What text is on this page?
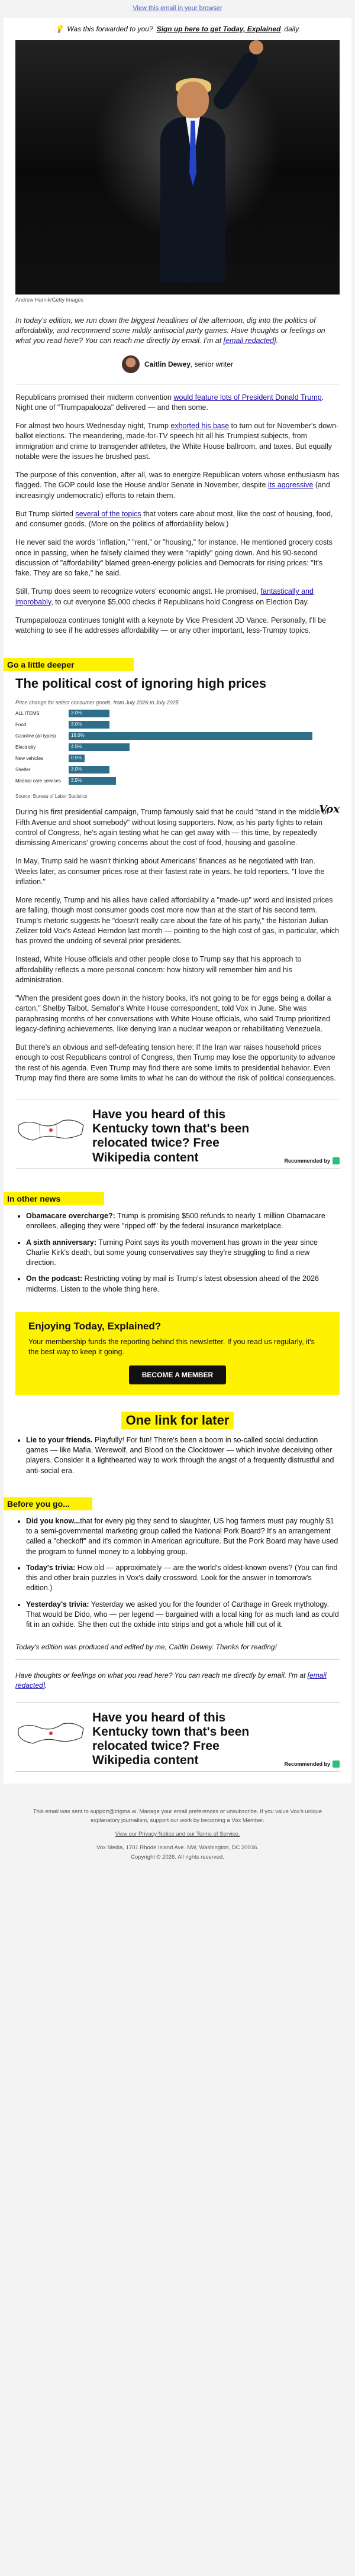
View this email in your browser
💡 Was this forwarded to you? Sign up here to get Today, Explained daily.
Andrew Harnik/Getty Images

In today's edition, we run down the biggest headlines of the afternoon, dig into the politics of affordability, and recommend some mildly antisocial party games. Have thoughts or feelings on what you read here? You can reach me directly by email. I'm at [email redacted].

Caitlin Dewey, senior writer

Republicans promised their midterm convention would feature lots of President Donald Trump. Night one of "Trumpapalooza" delivered — and then some.

For almost two hours Wednesday night, Trump exhorted his base to turn out for November's down-ballot elections. The meandering, made-for-TV speech hit all his Trumpiest subjects, from immigration and crime to transgender athletes, the White House ballroom, and taxes. But equally notable were the issues he brushed past.

The purpose of this convention, after all, was to energize Republican voters whose enthusiasm has flagged. The GOP could lose the House and/or Senate in November, despite its aggressive (and increasingly undemocratic) efforts to retain them.

But Trump skirted several of the topics that voters care about most, like the cost of housing, food, and consumer goods. (More on the politics of affordability below.)

He never said the words "inflation," "rent," or "housing," for instance. He mentioned grocery costs once in passing, when he falsely claimed they were "rapidly" going down. And his 90-second discussion of "affordability" blamed green-energy policies and Democrats for rising prices: "It's fake. They are so fake," he said.

Still, Trump does seem to recognize voters' economic angst. He promised, fantastically and improbably, to cut everyone $5,000 checks if Republicans hold Congress on Election Day.

Trumpapalooza continues tonight with a keynote by Vice President JD Vance. Personally, I'll be watching to see if he addresses affordability — or any other important, less-Trumpy topics.

Go a little deeper
The political cost of ignoring high prices
Price change for select consumer goods, from July 2026 to July 2025
ALL ITEMS	3.0%
Food	3.0%
Gasoline (all types)	18.0%
Electricity	4.5%
New vehicles	0.5%
Shelter	3.0%
Medical care services	3.5%
Source: Bureau of Labor Statistics
Vox

During his first presidential campaign, Trump famously said that he could "stand in the middle of Fifth Avenue and shoot somebody" without losing supporters. Now, as his party fights to retain control of Congress, he's again testing what he can get away with — this time, by repeatedly dismissing Americans' growing concerns about the cost of food, housing and gasoline.

In May, Trump said he wasn't thinking about Americans' finances as he negotiated with Iran. Weeks later, as consumer prices rose at their fastest rate in years, he told reporters, "I love the inflation."

More recently, Trump and his allies have called affordability a "made-up" word and insisted prices are falling, though most consumer goods cost more now than at the start of his second term. Trump's rhetoric suggests he "doesn't really care about the fate of his party," the historian Julian Zelizer told Vox's Astead Herndon last month — pointing to the high cost of gas, in particular, which has proved the undoing of several prior presidents.

Instead, White House officials and other people close to Trump say that his approach to affordability reflects a more personal concern: how history will remember him and his administration.

"When the president goes down in the history books, it's not going to be for eggs being a dollar a carton," Shelby Talbot, Semafor's White House correspondent, told Vox in June. She was paraphrasing months of her conversations with White House officials, who said Trump prioritized legacy-defining achievements, like denying Iran a nuclear weapon or rehabilitating Venezuela.

But there's an obvious and self-defeating tension here: If the Iran war raises household prices enough to cost Republicans control of Congress, then Trump may lose the opportunity to advance the rest of his agenda. Even Trump may find there are some limits to presidential behavior. Even Trump may find there are some limits to what he can do without the risk of political consequences.

Have you heard of this Kentucky town that's been relocated twice? Free Wikipedia content	Recommended by
In other news
• Obamacare overcharge?: Trump is promising $500 refunds to nearly 1 million Obamacare enrollees, alleging they were "ripped off" by the federal insurance marketplace.
• A sixth anniversary: Turning Point says its youth movement has grown in the year since Charlie Kirk's death, but some young conservatives say they're struggling to find a new direction.
• On the podcast: Restricting voting by mail is Trump's latest obsession ahead of the 2026 midterms. Listen to the whole thing here.
Enjoying Today, Explained?

Your membership funds the reporting behind this newsletter. If you read us regularly, it's the best way to keep it going.

BECOME A MEMBER
One link for later
• Lie to your friends. Playfully! For fun! There's been a boom in so-called social deduction games — like Mafia, Werewolf, and Blood on the Clocktower — which involve deceiving other players. Consider it a lighthearted way to work through the angst of a frequently distrustful and anti-social era.
Before you go...
• Did you know...that for every pig they send to slaughter, US hog farmers must pay roughly $1 to a semi-governmental marketing group called the National Pork Board? It's an arrangement called a "checkoff" and it's common in American agriculture. But the Pork Board may have used the program to funnel money to a lobbying group.
• Today's trivia: How old — approximately — are the world's oldest-known ovens? (You can find this and other brain puzzles in Vox's daily crossword. Look for the answer in tomorrow's edition.)
• Yesterday's trivia: Yesterday we asked you for the founder of Carthage in Greek mythology. That would be Dido, who — per legend — bargained with a local king for as much land as could fit in an oxhide. She then cut the oxhide into strips and got a whole hill out of it.

Today's edition was produced and edited by me, Caitlin Dewey. Thanks for reading!

Have thoughts or feelings on what you read here? You can reach me directly by email. I'm at [email redacted].

Have you heard of this Kentucky town that's been relocated twice? Free Wikipedia content	Recommended by
This email was sent to support@trigma.ai. Manage your email preferences or unsubscribe. If you value Vox's unique explanatory journalism, support our work by becoming a Vox Member.
View our Privacy Notice and our Terms of Service.
Vox Media, 1701 Rhode Island Ave. NW, Washington, DC 20036.
Copyright © 2026. All rights reserved.
